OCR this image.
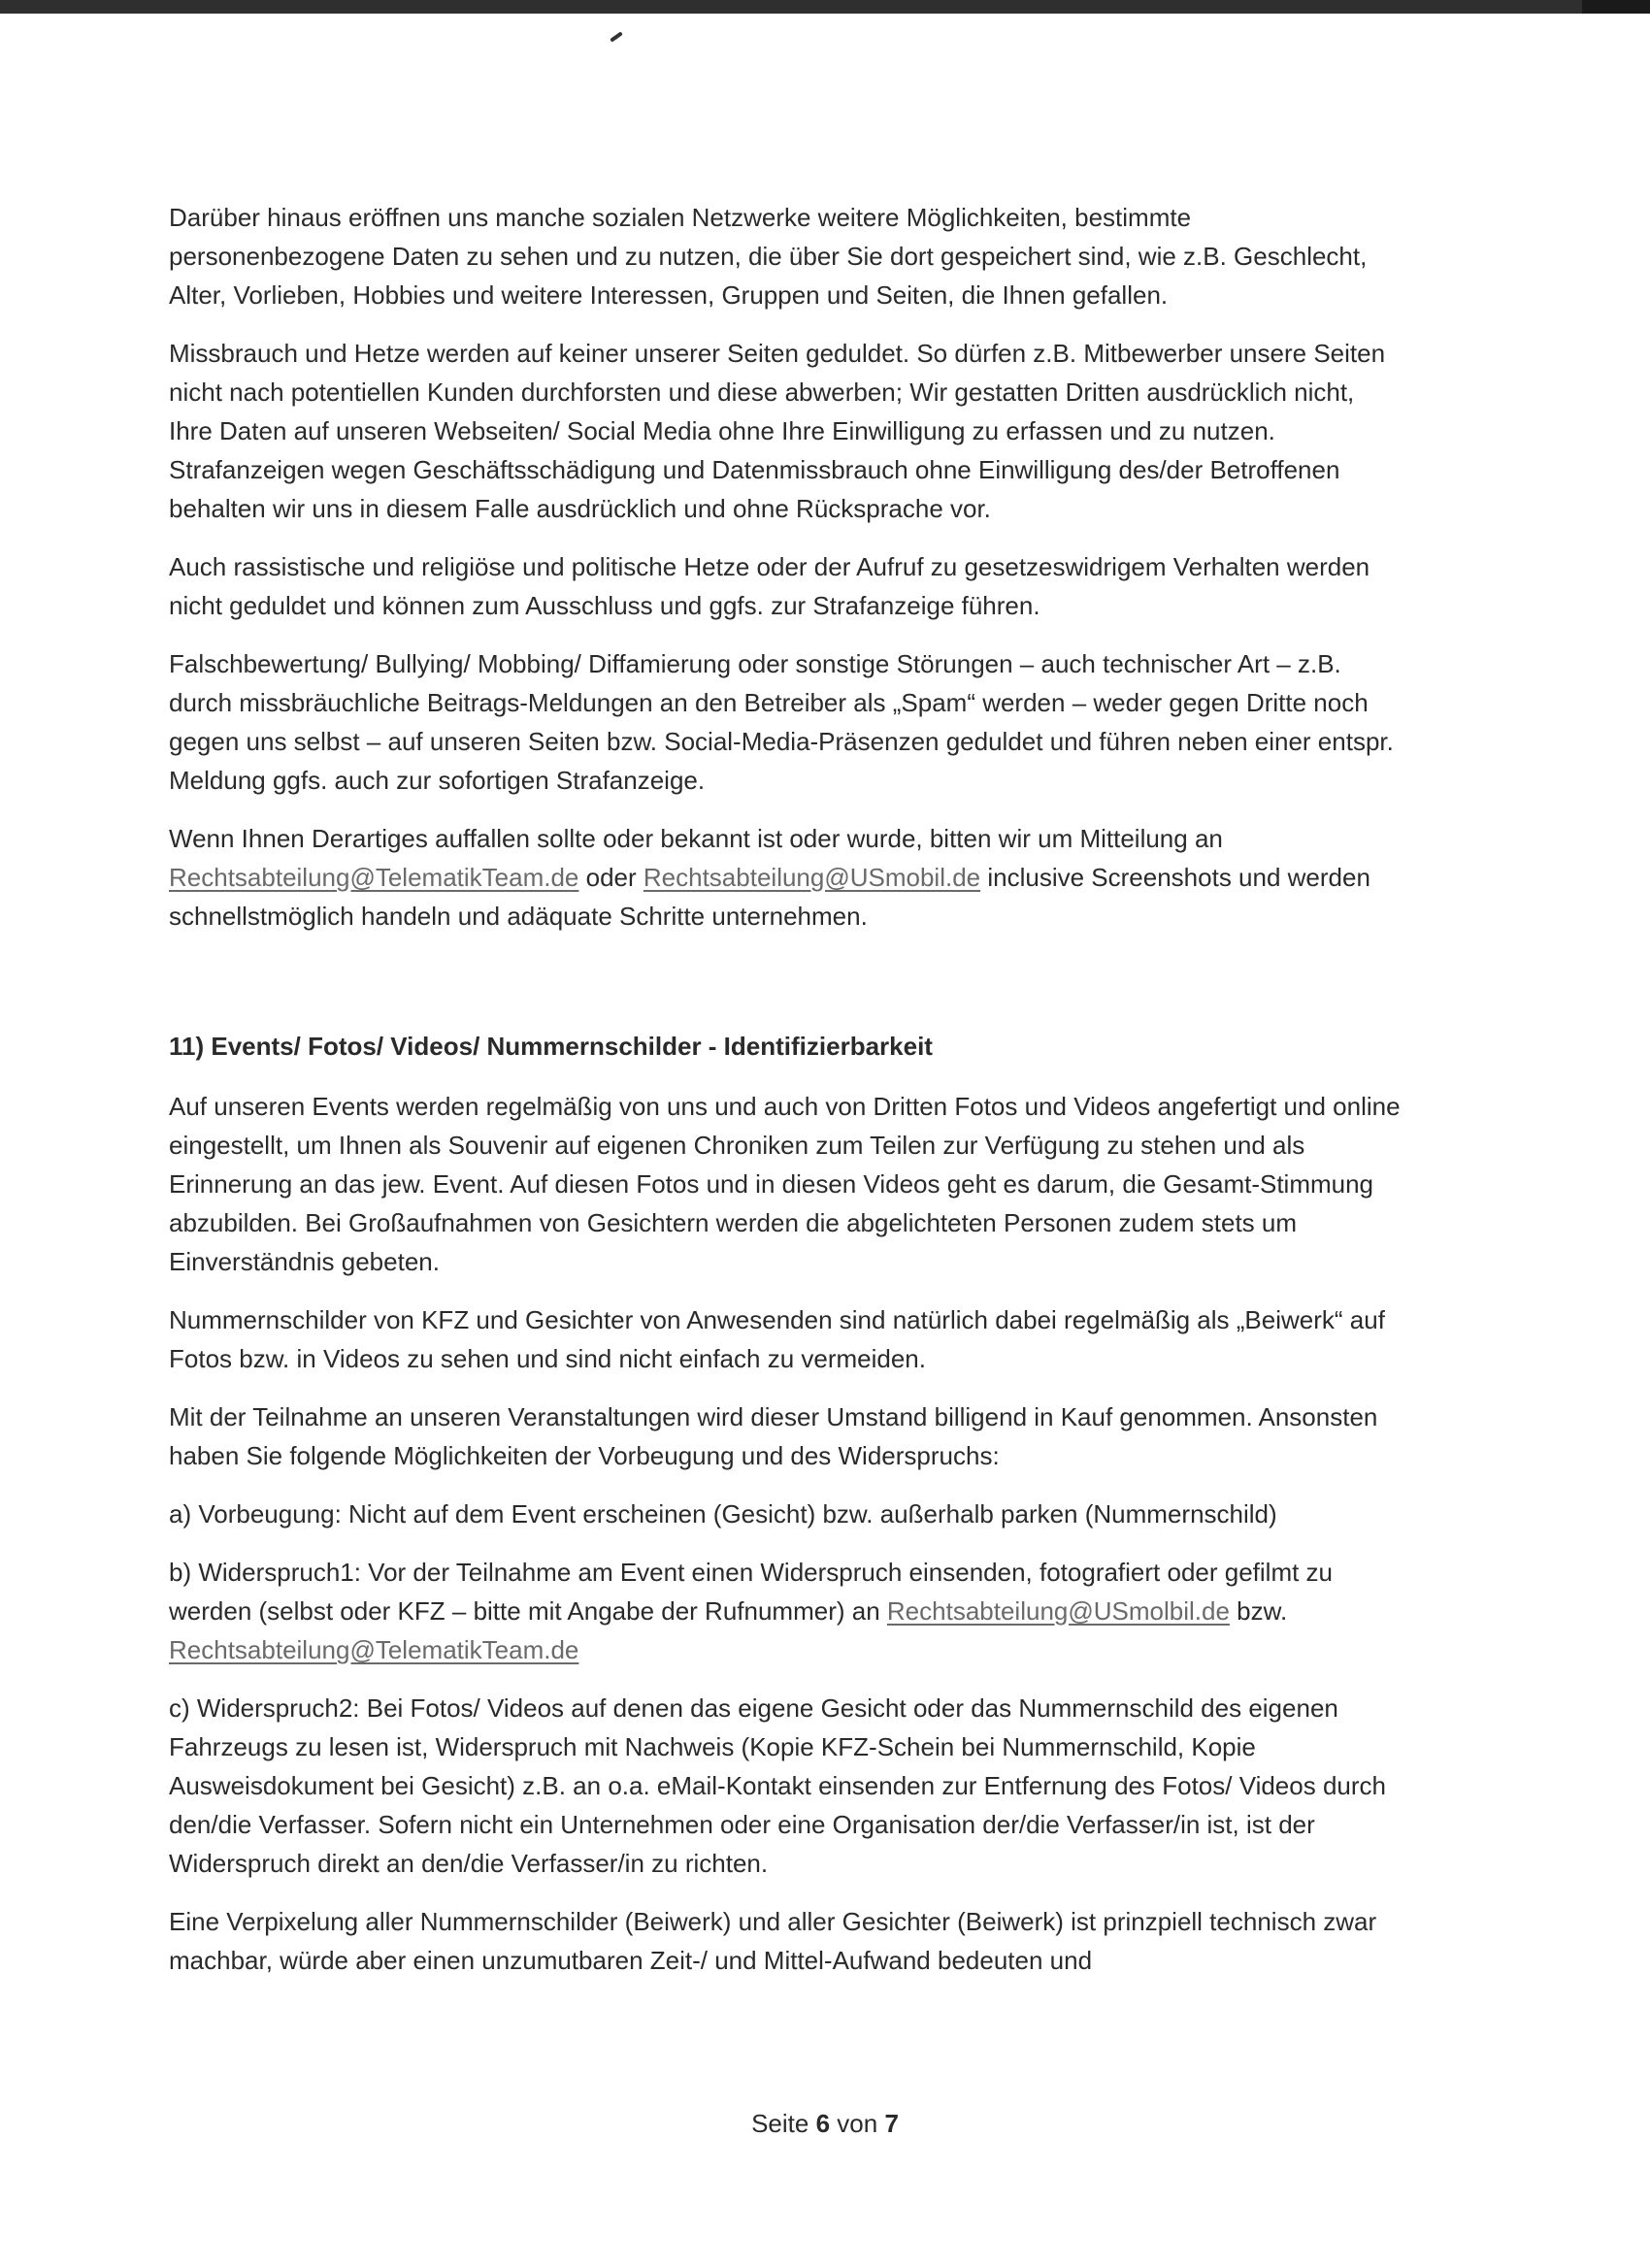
Darüber hinaus eröffnen uns manche sozialen Netzwerke weitere Möglichkeiten, bestimmte personenbezogene Daten zu sehen und zu nutzen, die über Sie dort gespeichert sind, wie z.B. Geschlecht, Alter, Vorlieben, Hobbies und weitere Interessen, Gruppen und Seiten, die Ihnen gefallen.

Missbrauch und Hetze werden auf keiner unserer Seiten geduldet. So dürfen z.B. Mitbewerber unsere Seiten nicht nach potentiellen Kunden durchforsten und diese abwerben; Wir gestatten Dritten ausdrücklich nicht, Ihre Daten auf unseren Webseiten/ Social Media ohne Ihre Einwilligung zu erfassen und zu nutzen. Strafanzeigen wegen Geschäftsschädigung und Datenmissbrauch ohne Einwilligung des/der Betroffenen behalten wir uns in diesem Falle ausdrücklich und ohne Rücksprache vor.

Auch rassistische und religiöse und politische Hetze oder der Aufruf zu gesetzeswidrigem Verhalten werden nicht geduldet und können zum Ausschluss und ggfs. zur Strafanzeige führen.

Falschbewertung/ Bullying/ Mobbing/ Diffamierung oder sonstige Störungen – auch technischer Art – z.B. durch missbräuchliche Beitrags-Meldungen an den Betreiber als „Spam“ werden – weder gegen Dritte noch gegen uns selbst – auf unseren Seiten bzw. Social-Media-Präsenzen geduldet und führen neben einer entspr. Meldung ggfs. auch zur sofortigen Strafanzeige.

Wenn Ihnen Derartiges auffallen sollte oder bekannt ist oder wurde, bitten wir um Mitteilung an Rechtsabteilung@TelematikTeam.de oder Rechtsabteilung@USmobil.de inclusive Screenshots und werden schnellstmöglich handeln und adäquate Schritte unternehmen.

11) Events/ Fotos/ Videos/ Nummernschilder - Identifizierbarkeit

Auf unseren Events werden regelmäßig von uns und auch von Dritten Fotos und Videos angefertigt und online eingestellt, um Ihnen als Souvenir auf eigenen Chroniken zum Teilen zur Verfügung zu stehen und als Erinnerung an das jew. Event. Auf diesen Fotos und in diesen Videos geht es darum, die Gesamt-Stimmung abzubilden. Bei Großaufnahmen von Gesichtern werden die abgelichteten Personen zudem stets um Einverständnis gebeten.

Nummernschilder von KFZ und Gesichter von Anwesenden sind natürlich dabei regelmäßig als „Beiwerk“ auf Fotos bzw. in Videos zu sehen und sind nicht einfach zu vermeiden.

Mit der Teilnahme an unseren Veranstaltungen wird dieser Umstand billigend in Kauf genommen. Ansonsten haben Sie folgende Möglichkeiten der Vorbeugung und des Widerspruchs:

a) Vorbeugung: Nicht auf dem Event erscheinen (Gesicht) bzw. außerhalb parken (Nummernschild)

b) Widerspruch1: Vor der Teilnahme am Event einen Widerspruch einsenden, fotografiert oder gefilmt zu werden (selbst oder KFZ – bitte mit Angabe der Rufnummer) an Rechtsabteilung@USmolbil.de bzw. Rechtsabteilung@TelematikTeam.de

c) Widerspruch2: Bei Fotos/ Videos auf denen das eigene Gesicht oder das Nummernschild des eigenen Fahrzeugs zu lesen ist, Widerspruch mit Nachweis (Kopie KFZ-Schein bei Nummernschild, Kopie Ausweisdokument bei Gesicht) z.B. an o.a. eMail-Kontakt einsenden zur Entfernung des Fotos/ Videos durch den/die Verfasser. Sofern nicht ein Unternehmen oder eine Organisation der/die Verfasser/in ist, ist der Widerspruch direkt an den/die Verfasser/in zu richten.

Eine Verpixelung aller Nummernschilder (Beiwerk) und aller Gesichter (Beiwerk) ist prinzpiell technisch zwar machbar, würde aber einen unzumutbaren Zeit-/ und Mittel-Aufwand bedeuten und

Seite 6 von 7
